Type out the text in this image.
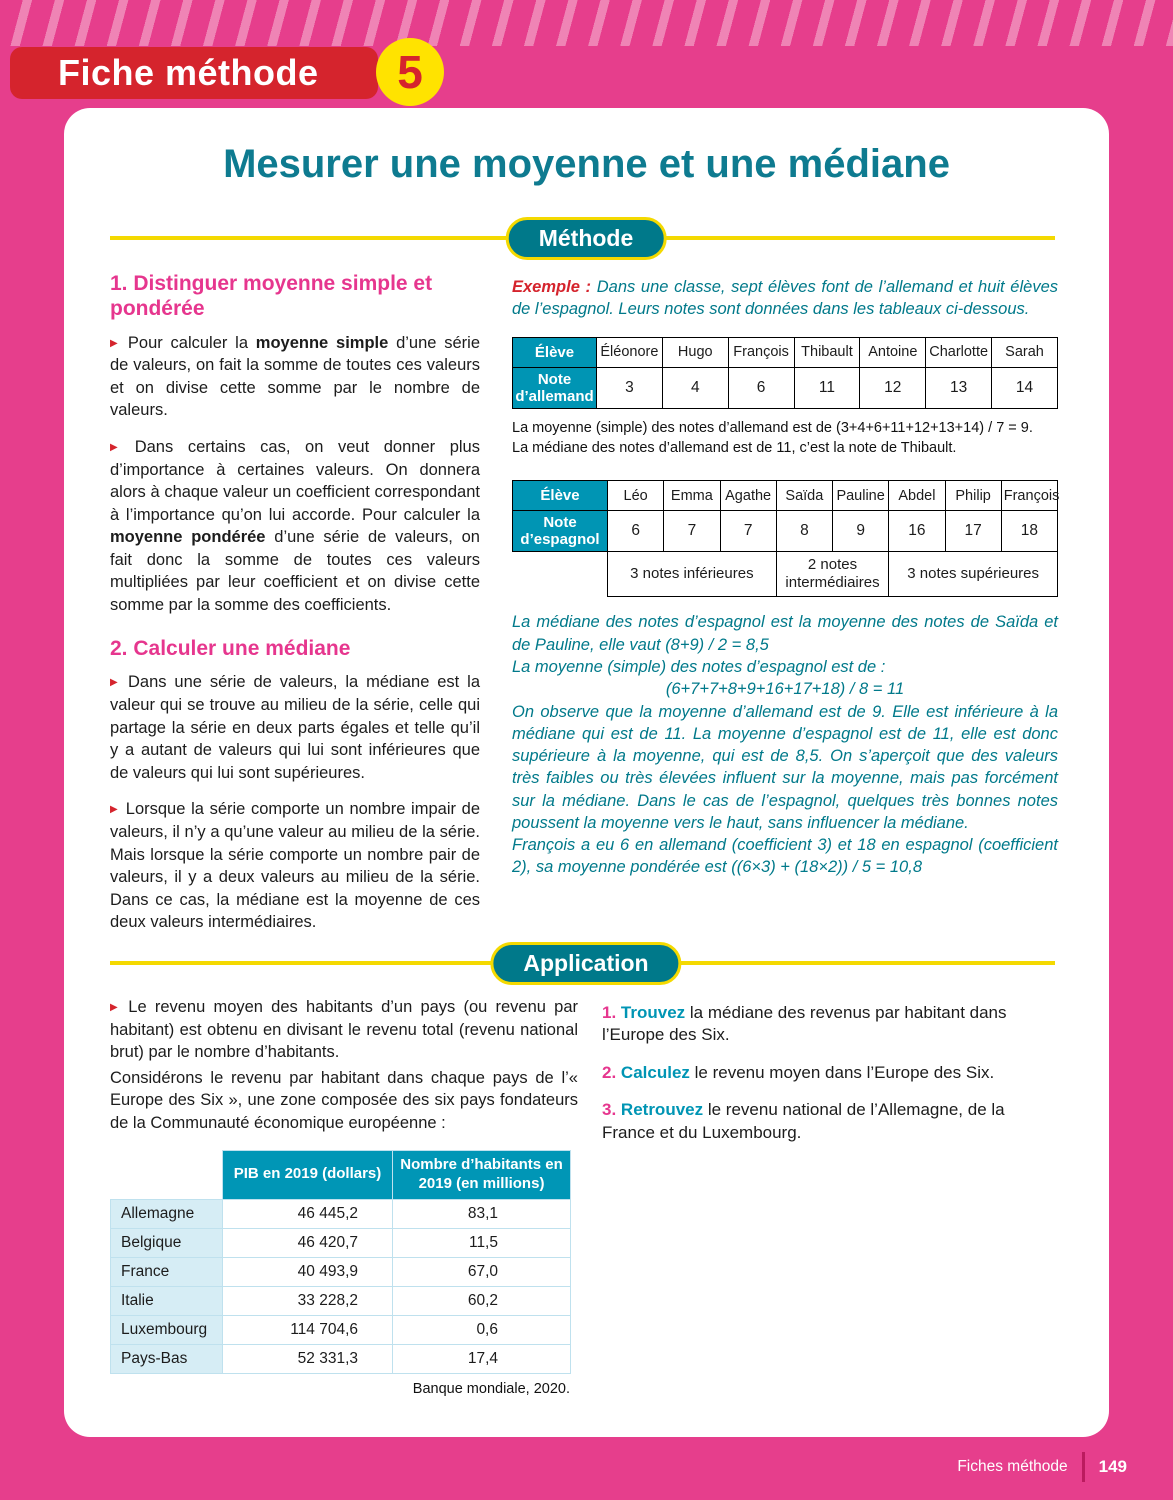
Fiche méthode 5
Mesurer une moyenne et une médiane
Méthode
1. Distinguer moyenne simple et pondérée

▶ Pour calculer la moyenne simple d’une série de valeurs, on fait la somme de toutes ces valeurs et on divise cette somme par le nombre de valeurs.

▶ Dans certains cas, on veut donner plus d’importance à certaines valeurs. On donnera alors à chaque valeur un coefficient correspondant à l’importance qu’on lui accorde. Pour calculer la moyenne pondérée d’une série de valeurs, on fait donc la somme de toutes ces valeurs multipliées par leur coefficient et on divise cette somme par la somme des coefficients.

2. Calculer une médiane

▶ Dans une série de valeurs, la médiane est la valeur qui se trouve au milieu de la série, celle qui partage la série en deux parts égales et telle qu’il y a autant de valeurs qui lui sont inférieures que de valeurs qui lui sont supérieures.

▶ Lorsque la série comporte un nombre impair de valeurs, il n’y a qu’une valeur au milieu de la série. Mais lorsque la série comporte un nombre pair de valeurs, il y a deux valeurs au milieu de la série. Dans ce cas, la médiane est la moyenne de ces deux valeurs intermédiaires.

Exemple : Dans une classe, sept élèves font de l’allemand et huit élèves de l’espagnol. Leurs notes sont données dans les tableaux ci-dessous.
Élève	Éléonore	Hugo	François	Thibault	Antoine	Charlotte	Sarah
Note d’allemand	3	4	6	11	12	13	14
La moyenne (simple) des notes d’allemand est de (3+4+6+11+12+13+14) / 7 = 9.
La médiane des notes d’allemand est de 11, c’est la note de Thibault.
Élève	Léo	Emma	Agathe	Saïda	Pauline	Abdel	Philip	François
Note d’espagnol	6	7	7	8	9	16	17	18
	3 notes inférieures			2 notes intermédiaires		3 notes supérieures		

La médiane des notes d’espagnol est la moyenne des notes de Saïda et de Pauline, elle vaut (8+9) / 2 = 8,5

La moyenne (simple) des notes d’espagnol est de :

(6+7+7+8+9+16+17+18) / 8 = 11

On observe que la moyenne d’allemand est de 9. Elle est inférieure à la médiane qui est de 11. La moyenne d’espagnol est de 11, elle est donc supérieure à la moyenne, qui est de 8,5. On s’aperçoit que des valeurs très faibles ou très élevées influent sur la moyenne, mais pas forcément sur la médiane. Dans le cas de l’espagnol, quelques très bonnes notes poussent la moyenne vers le haut, sans influencer la médiane.

François a eu 6 en allemand (coefficient 3) et 18 en espagnol (coefficient 2), sa moyenne pondérée est ((6×3) + (18×2)) / 5 = 10,8

Application

▶ Le revenu moyen des habitants d’un pays (ou revenu par habitant) est obtenu en divisant le revenu total (revenu national brut) par le nombre d’habitants.

Considérons le revenu par habitant dans chaque pays de l’« Europe des Six », une zone composée des six pays fondateurs de la Communauté économique européenne :

1. Trouvez la médiane des revenus par habitant dans l’Europe des Six.
2. Calculez le revenu moyen dans l’Europe des Six.
3. Retrouvez le revenu national de l’Allemagne, de la France et du Luxembourg.
	PIB en 2019 (dollars)	Nombre d’habitants en 2019 (en millions)
Allemagne	46 445,2	83,1
Belgique	46 420,7	11,5
France	40 493,9	67,0
Italie	33 228,2	60,2
Luxembourg	114 704,6	0,6
Pays-Bas	52 331,3	17,4
Banque mondiale, 2020.
Fiches méthode 149
